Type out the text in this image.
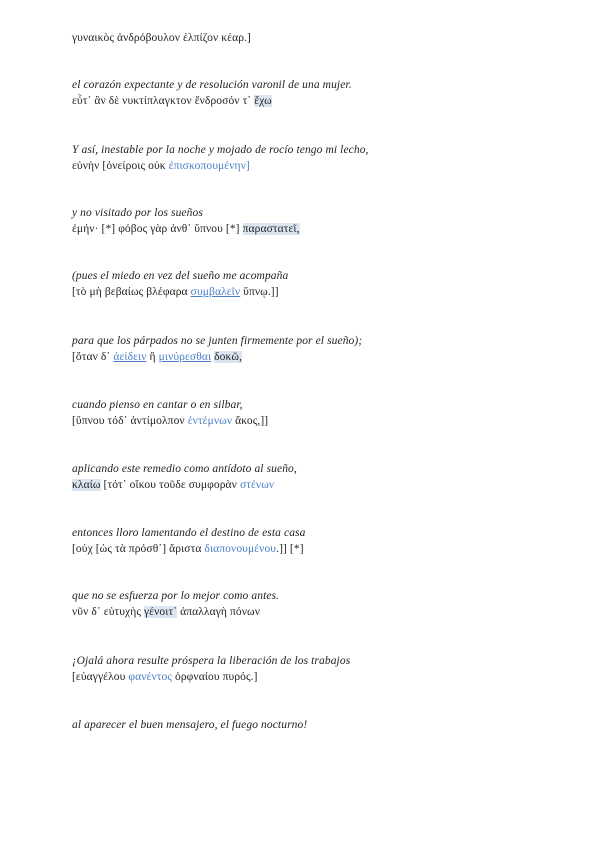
γυναικὸς ἀνδρόβουλον ἐλπίζον κέαρ.]
el corazón expectante y de resolución varonil de una mujer.
εὖτ᾽ ἂν δὲ νυκτίπλαγκτον ἔνδροσόν τ᾽ ἔχω
Y así, inestable por la noche y mojado de rocío tengo mi lecho,
εὐνὴν [ὀνείροις οὐκ ἐπισκοπουμένην]
y no visitado por los sueños
ἐμήν· [*] φόβος γὰρ ἀνθ᾽ ὕπνου [*] παραστατεῖ,
(pues el miedo en vez del sueño me acompaña
[τὸ μὴ βεβαίως βλέφαρα συμβαλεῖν ὕπνῳ.]]
para que los párpados no se junten firmemente por el sueño);
[ὅταν δ᾽ ἀείδειν ἢ μινύρεσθαι δοκῶ,
cuando pienso en cantar o en silbar,
[ὕπνου τόδ᾽ ἀντίμολπον ἐντέμνων ἄκος,]]
aplicando este remedio como antídoto al sueño,
κλαίω [τότ᾽ οἴκου τοῦδε συμφορὰν στένων
entonces lloro lamentando el destino de esta casa
[οὐχ [ὡς τὰ πρόσθ᾽] ἄριστα διαπονουμένου.]] [*]
que no se esfuerza por lo mejor como antes.
νῦν δ᾽ εὐτυχὴς γένοιτ᾽ ἀπαλλαγὴ πόνων
¡Ojalá ahora resulte próspera la liberación de los trabajos
[εὐαγγέλου φανέντος ὀρφναίου πυρός.]
al aparecer el buen mensajero, el fuego nocturno!
